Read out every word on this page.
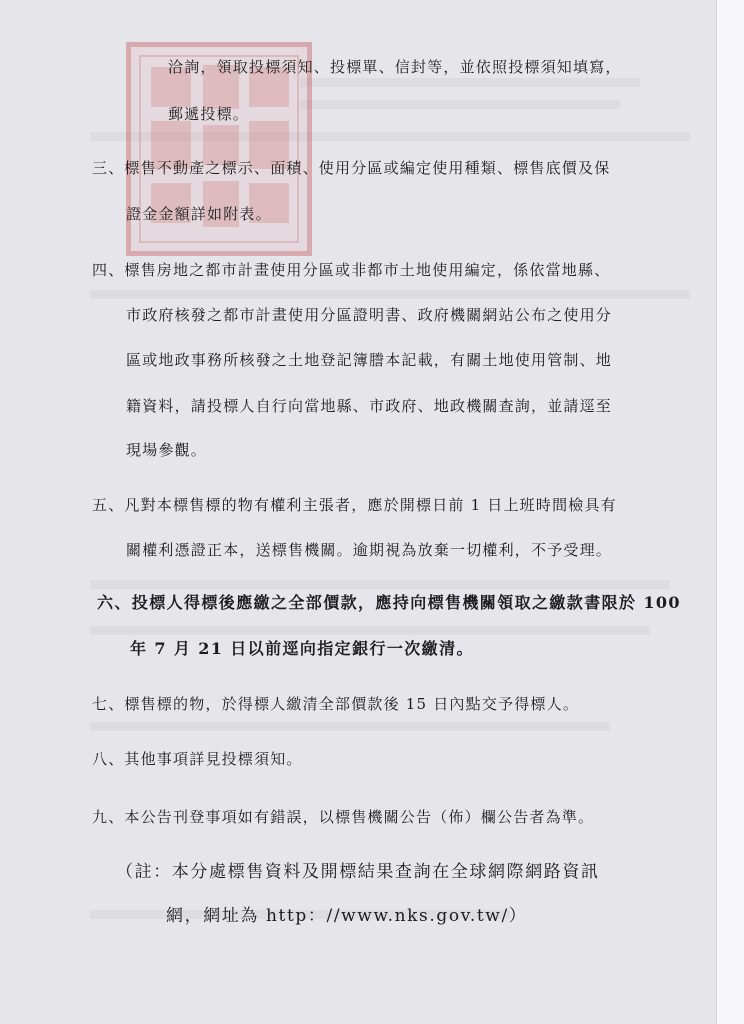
洽詢，領取投標須知、投標單、信封等，並依照投標須知填寫，
郵遞投標。
三、標售不動產之標示、面積、使用分區或編定使用種類、標售底價及保
證金金額詳如附表。
四、標售房地之都市計畫使用分區或非都市土地使用編定，係依當地縣、
市政府核發之都市計畫使用分區證明書、政府機關網站公布之使用分
區或地政事務所核發之土地登記簿謄本記載，有關土地使用管制、地
籍資料，請投標人自行向當地縣、市政府、地政機關查詢，並請逕至
現場參觀。
五、凡對本標售標的物有權利主張者，應於開標日前 1 日上班時間檢具有
關權利憑證正本，送標售機關。逾期視為放棄一切權利，不予受理。
六、投標人得標後應繳之全部價款，應持向標售機關領取之繳款書限於 100
年 7 月 21 日以前逕向指定銀行一次繳清。
七、標售標的物，於得標人繳清全部價款後 15 日內點交予得標人。
八、其他事項詳見投標須知。
九、本公告刊登事項如有錯誤，以標售機關公告（佈）欄公告者為準。
（註：本分處標售資料及開標結果查詢在全球網際網路資訊
網，網址為 http：//www.nks.gov.tw/）
